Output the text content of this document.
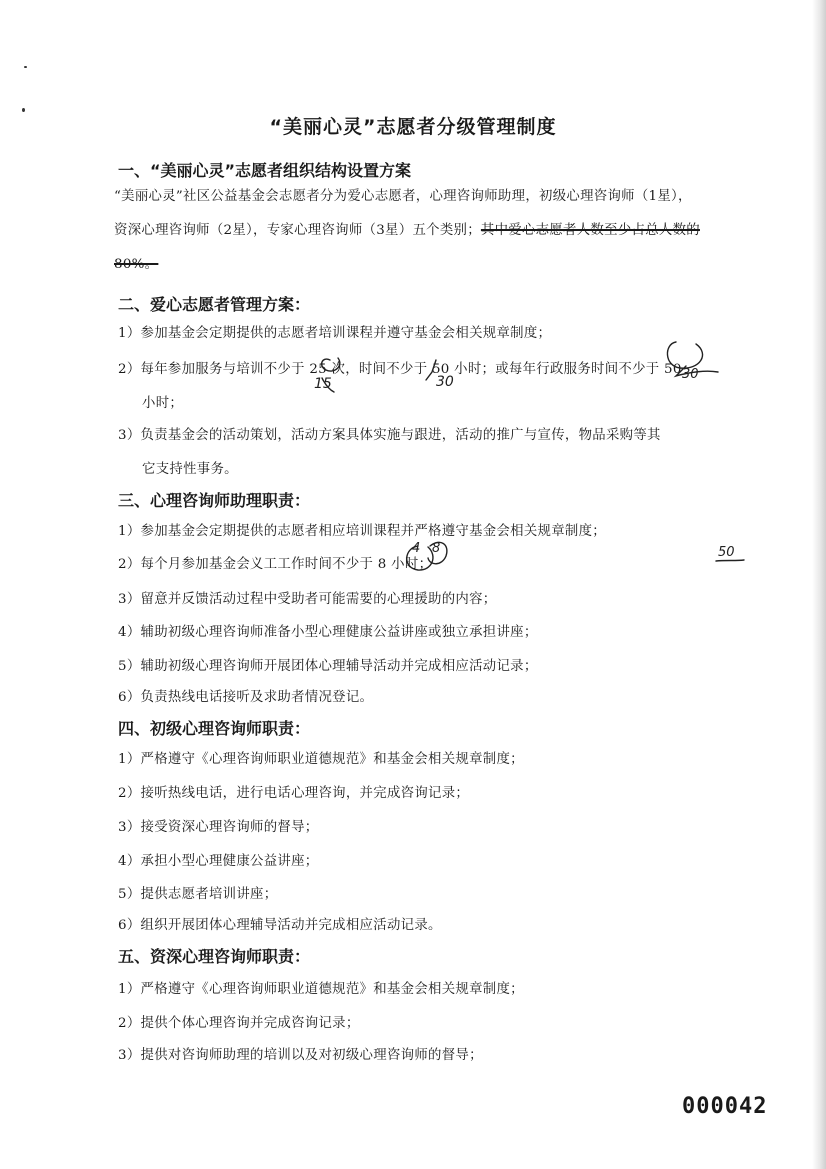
“美丽心灵”志愿者分级管理制度
一、“美丽心灵”志愿者组织结构设置方案
“美丽心灵”社区公益基金会志愿者分为爱心志愿者，心理咨询师助理，初级心理咨询师（1星），资深心理咨询师（2星），专家心理咨询师（3星）五个类别；其中爱心志愿者人数至少占总人数的80%。
二、爱心志愿者管理方案：
1）参加基金会定期提供的志愿者培训课程并遵守基金会相关规章制度；
2）每年参加服务与培训不少于 25 次，时间不少于 50 小时；或每年行政服务时间不少于 50
小时；
3）负责基金会的活动策划，活动方案具体实施与跟进，活动的推广与宣传，物品采购等其
它支持性事务。
三、心理咨询师助理职责：
1）参加基金会定期提供的志愿者相应培训课程并严格遵守基金会相关规章制度；
2）每个月参加基金会义工工作时间不少于 8 小时；
3）留意并反馈活动过程中受助者可能需要的心理援助的内容；
4）辅助初级心理咨询师准备小型心理健康公益讲座或独立承担讲座；
5）辅助初级心理咨询师开展团体心理辅导活动并完成相应活动记录；
6）负责热线电话接听及求助者情况登记。
四、初级心理咨询师职责：
1）严格遵守《心理咨询师职业道德规范》和基金会相关规章制度；
2）接听热线电话，进行电话心理咨询，并完成咨询记录；
3）接受资深心理咨询师的督导；
4）承担小型心理健康公益讲座；
5）提供志愿者培训讲座；
6）组织开展团体心理辅导活动并完成相应活动记录。
五、资深心理咨询师职责：
1）严格遵守《心理咨询师职业道德规范》和基金会相关规章制度；
2）提供个体心理咨询并完成咨询记录；
3）提供对咨询师助理的培训以及对初级心理咨询师的督导；
000042
15	30	30
4 8	50
